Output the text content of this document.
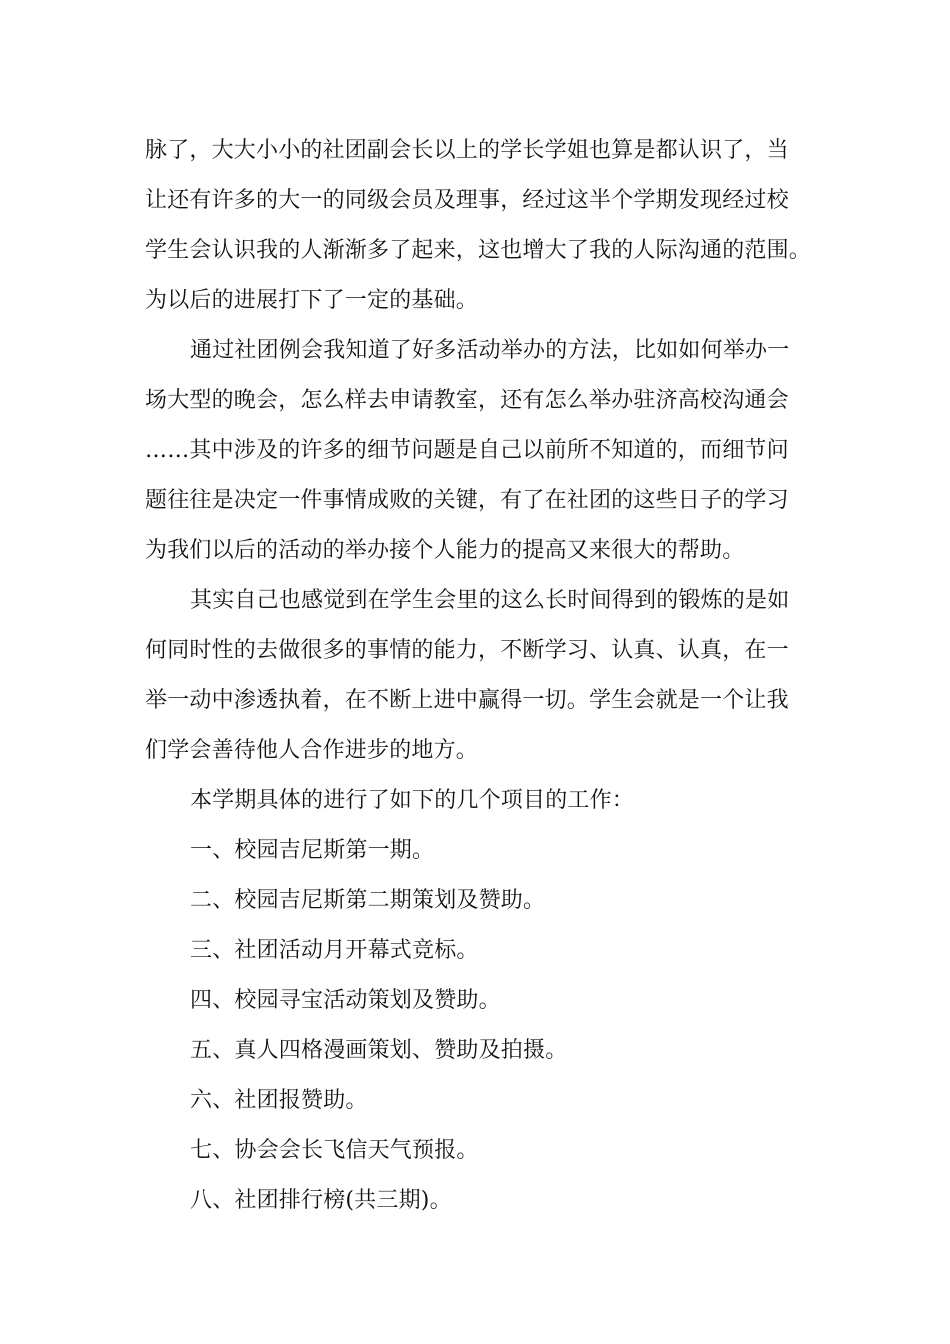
脉了，大大小小的社团副会长以上的学长学姐也算是都认识了，当
让还有许多的大一的同级会员及理事，经过这半个学期发现经过校
学生会认识我的人渐渐多了起来，这也增大了我的人际沟通的范围。
为以后的进展打下了一定的基础。
通过社团例会我知道了好多活动举办的方法，比如如何举办一
场大型的晚会，怎么样去申请教室，还有怎么举办驻济高校沟通会
……其中涉及的许多的细节问题是自己以前所不知道的，而细节问
题往往是决定一件事情成败的关键，有了在社团的这些日子的学习
为我们以后的活动的举办接个人能力的提高又来很大的帮助。
其实自己也感觉到在学生会里的这么长时间得到的锻炼的是如
何同时性的去做很多的事情的能力，不断学习、认真、认真，在一
举一动中渗透执着，在不断上进中赢得一切。学生会就是一个让我
们学会善待他人合作进步的地方。
本学期具体的进行了如下的几个项目的工作：
一、校园吉尼斯第一期。
二、校园吉尼斯第二期策划及赞助。
三、社团活动月开幕式竞标。
四、校园寻宝活动策划及赞助。
五、真人四格漫画策划、赞助及拍摄。
六、社团报赞助。
七、协会会长飞信天气预报。
八、社团排行榜(共三期)。
